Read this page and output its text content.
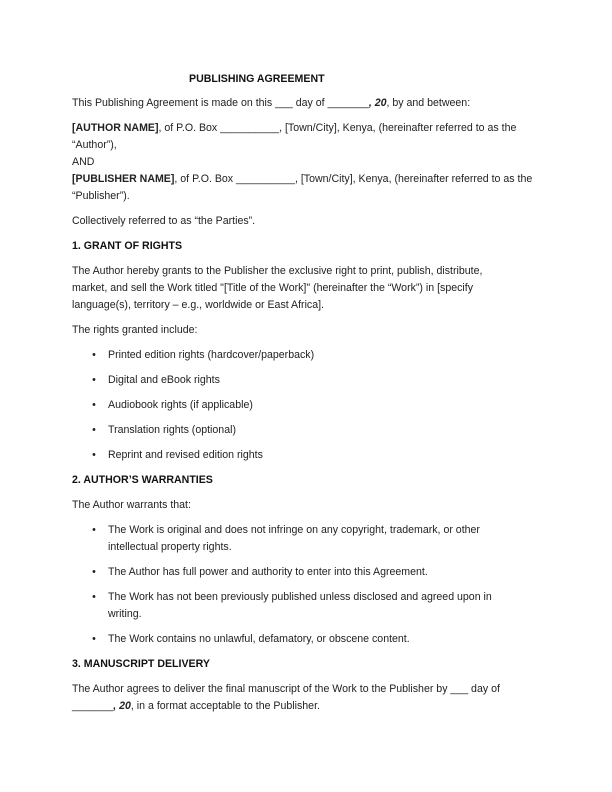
PUBLISHING AGREEMENT
This Publishing Agreement is made on this ___ day of _______, 20, by and between:
[AUTHOR NAME], of P.O. Box __________, [Town/City], Kenya, (hereinafter referred to as the
“Author”),
AND
[PUBLISHER NAME], of P.O. Box __________, [Town/City], Kenya, (hereinafter referred to as the
“Publisher”).
Collectively referred to as “the Parties”.
1. GRANT OF RIGHTS
The Author hereby grants to the Publisher the exclusive right to print, publish, distribute,
market, and sell the Work titled "[Title of the Work]" (hereinafter the “Work”) in [specify
language(s), territory – e.g., worldwide or East Africa].
The rights granted include:
• Printed edition rights (hardcover/paperback)
• Digital and eBook rights
• Audiobook rights (if applicable)
• Translation rights (optional)
• Reprint and revised edition rights
2. AUTHOR’S WARRANTIES
The Author warrants that:
• The Work is original and does not infringe on any copyright, trademark, or other
intellectual property rights.
• The Author has full power and authority to enter into this Agreement.
• The Work has not been previously published unless disclosed and agreed upon in
writing.
• The Work contains no unlawful, defamatory, or obscene content.
3. MANUSCRIPT DELIVERY
The Author agrees to deliver the final manuscript of the Work to the Publisher by ___ day of
_______, 20, in a format acceptable to the Publisher.
